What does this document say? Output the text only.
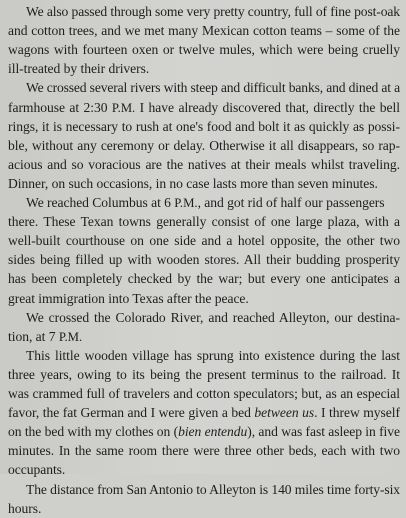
We also passed through some very pretty country, full of fine post-oak
and cotton trees, and we met many Mexican cotton teams – some of the
wagons with fourteen oxen or twelve mules, which were being cruelly
ill-treated by their drivers.
We crossed several rivers with steep and difficult banks, and dined at a
farmhouse at 2:30 P.M. I have already discovered that, directly the bell
rings, it is necessary to rush at one's food and bolt it as quickly as possi-
ble, without any ceremony or delay. Otherwise it all disappears, so rap-
acious and so voracious are the natives at their meals whilst traveling.
Dinner, on such occasions, in no case lasts more than seven minutes.
We reached Columbus at 6 P.M., and got rid of half our passengers
there. These Texan towns generally consist of one large plaza, with a
well-built courthouse on one side and a hotel opposite, the other two
sides being filled up with wooden stores. All their budding prosperity
has been completely checked by the war; but every one anticipates a
great immigration into Texas after the peace.
We crossed the Colorado River, and reached Alleyton, our destina-
tion, at 7 P.M.
This little wooden village has sprung into existence during the last
three years, owing to its being the present terminus to the railroad. It
was crammed full of travelers and cotton speculators; but, as an especial
favor, the fat German and I were given a bed between us. I threw myself
on the bed with my clothes on (bien entendu), and was fast asleep in five
minutes. In the same room there were three other beds, each with two
occupants.
The distance from San Antonio to Alleyton is 140 miles time forty-six
hours.
